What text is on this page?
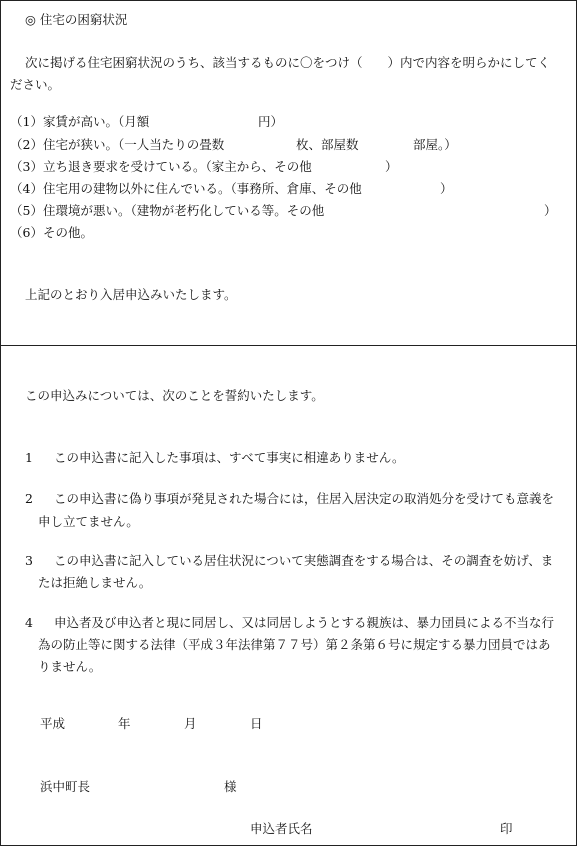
◎ 住宅の困窮状況
次に掲げる住宅困窮状況のうち、該当するものに〇をつけ（　　）内で内容を明らかにしてく
ださい。
（1）家賃が高い。（月額	円）
（2）住宅が狭い。（一人当たりの畳数	枚、部屋数	部屋。）
（3）立ち退き要求を受けている。（家主から、その他	）
（4）住宅用の建物以外に住んでいる。（事務所、倉庫、その他	）
（5）住環境が悪い。（建物が老朽化している等。その他	）
（6）その他。
上記のとおり入居申込みいたします。
この申込みについては、次のことを誓約いたします。
1 この申込書に記入した事項は、すべて事実に相違ありません。
2 この申込書に偽り事項が発見された場合には，住居入居決定の取消処分を受けても意義を
申し立てません。
3 この申込書に記入している居住状況について実態調査をする場合は、その調査を妨げ、ま
たは拒絶しません。
4 申込者及び申込者と現に同居し、又は同居しようとする親族は、暴力団員による不当な行
為の防止等に関する法律（平成３年法律第７７号）第２条第６号に規定する暴力団員ではあ
りません。
平成	年	月	日
浜中町長	様
申込者氏名	印
